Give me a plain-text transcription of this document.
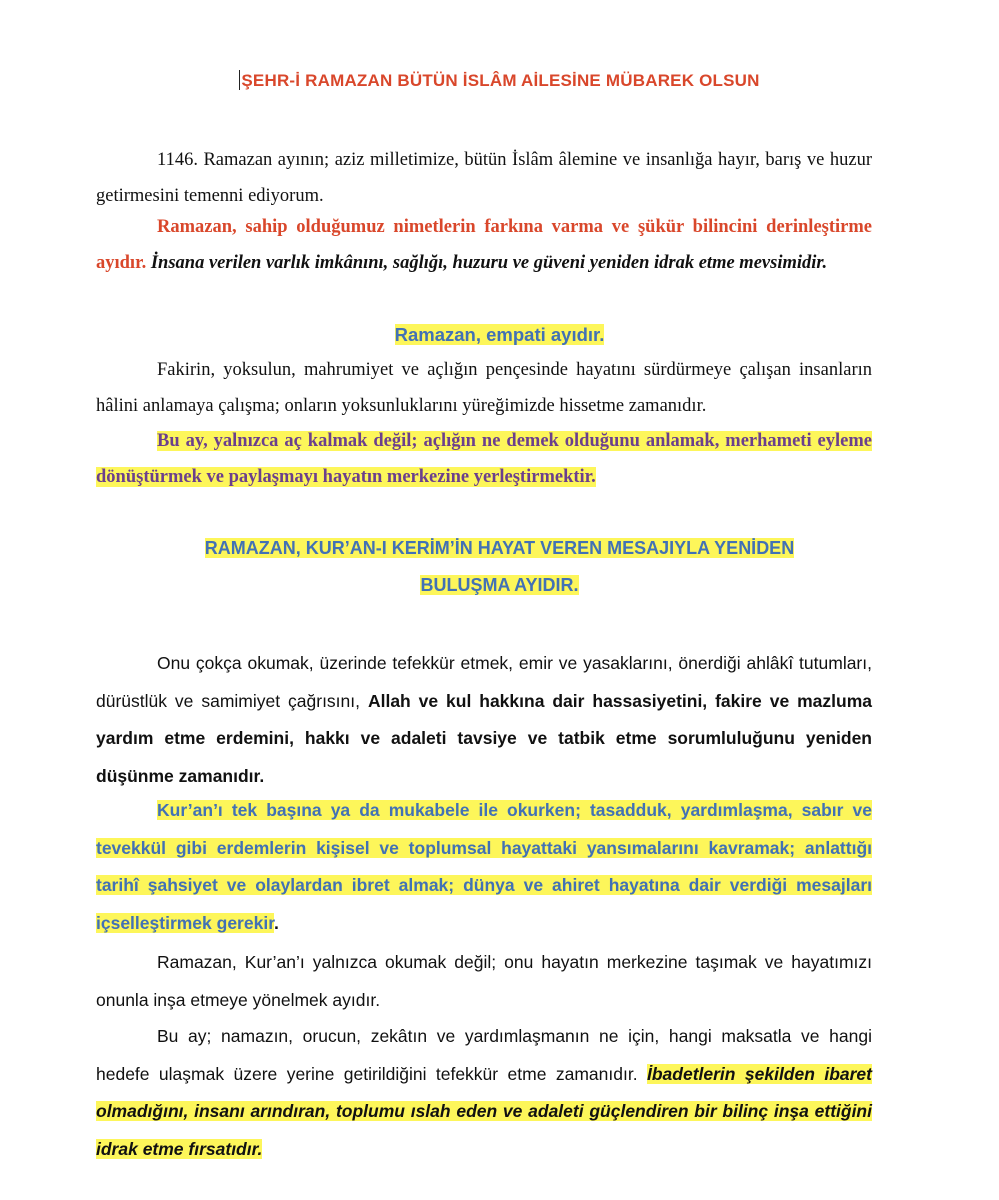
ŞEHR-İ RAMAZAN BÜTÜN İSLÂM AİLESİNE MÜBAREK OLSUN

1146. Ramazan ayının; aziz milletimize, bütün İslâm âlemine ve insanlığa hayır, barış ve huzur getirmesini temenni ediyorum.

Ramazan, sahip olduğumuz nimetlerin farkına varma ve şükür bilincini derinleştirme ayıdır. İnsana verilen varlık imkânını, sağlığı, huzuru ve güveni yeniden idrak etme mevsimidir.

Ramazan, empati ayıdır.

Fakirin, yoksulun, mahrumiyet ve açlığın pençesinde hayatını sürdürmeye çalışan insanların hâlini anlamaya çalışma; onların yoksunluklarını yüreğimizde hissetme zamanıdır.

Bu ay, yalnızca aç kalmak değil; açlığın ne demek olduğunu anlamak, merhameti eyleme dönüştürmek ve paylaşmayı hayatın merkezine yerleştirmektir.

RAMAZAN, KUR’AN-I KERİM’İN HAYAT VEREN MESAJIYLA YENİDEN
BULUŞMA AYIDIR.

Onu çokça okumak, üzerinde tefekkür etmek, emir ve yasaklarını, önerdiği ahlâkî tutumları, dürüstlük ve samimiyet çağrısını, Allah ve kul hakkına dair hassasiyetini, fakire ve mazluma yardım etme erdemini, hakkı ve adaleti tavsiye ve tatbik etme sorumluluğunu yeniden düşünme zamanıdır.

Kur’an’ı tek başına ya da mukabele ile okurken; tasadduk, yardımlaşma, sabır ve tevekkül gibi erdemlerin kişisel ve toplumsal hayattaki yansımalarını kavramak; anlattığı tarihî şahsiyet ve olaylardan ibret almak; dünya ve ahiret hayatına dair verdiği mesajları içselleştirmek gerekir.

Ramazan, Kur’an’ı yalnızca okumak değil; onu hayatın merkezine taşımak ve hayatımızı onunla inşa etmeye yönelmek ayıdır.

Bu ay; namazın, orucun, zekâtın ve yardımlaşmanın ne için, hangi maksatla ve hangi hedefe ulaşmak üzere yerine getirildiğini tefekkür etme zamanıdır. İbadetlerin şekilden ibaret olmadığını, insanı arındıran, toplumu ıslah eden ve adaleti güçlendiren bir bilinç inşa ettiğini idrak etme fırsatıdır.
